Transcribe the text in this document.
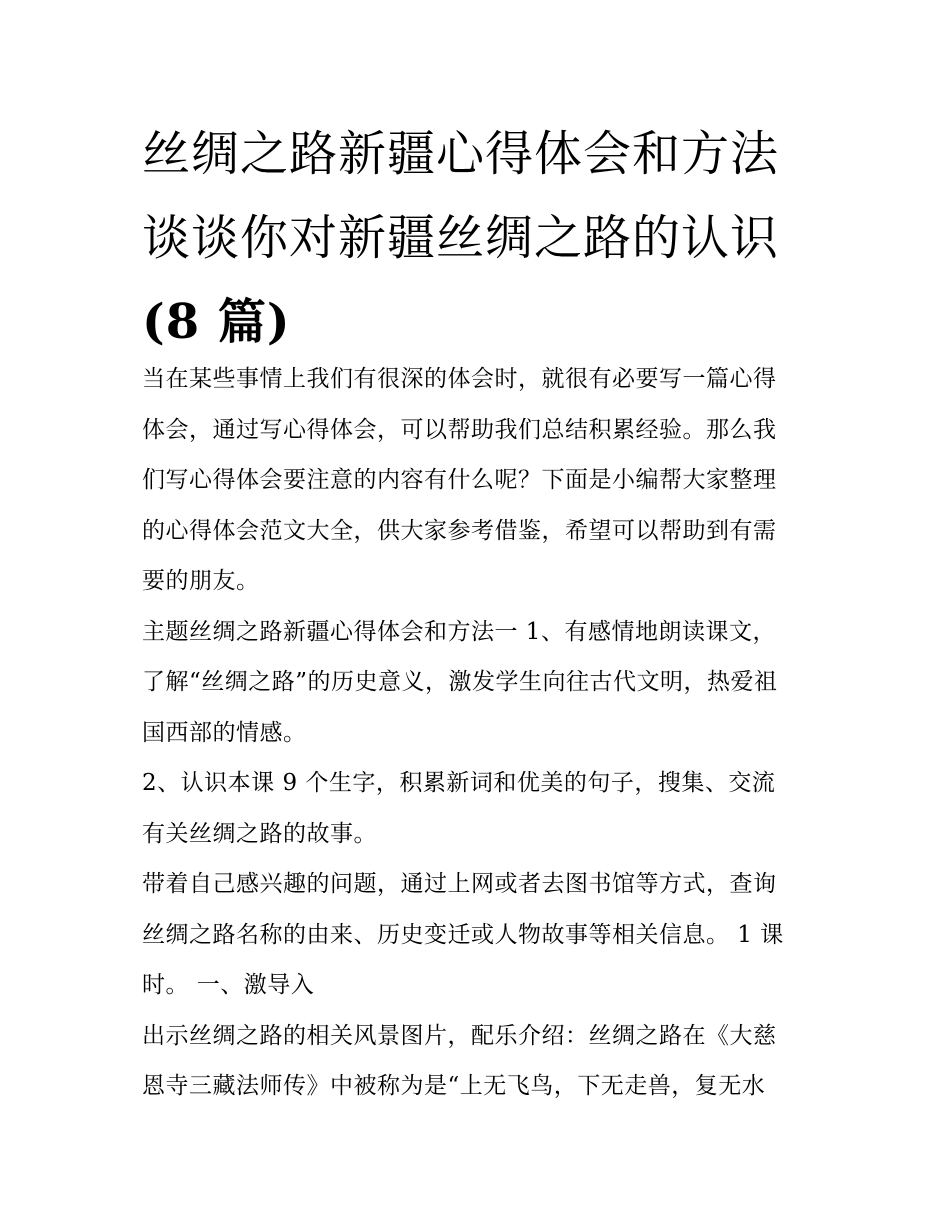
丝绸之路新疆心得体会和方法
谈谈你对新疆丝绸之路的认识
(8 篇)

当在某些事情上我们有很深的体会时，就很有必要写一篇心得
体会，通过写心得体会，可以帮助我们总结积累经验。那么我
们写心得体会要注意的内容有什么呢？下面是小编帮大家整理
的心得体会范文大全，供大家参考借鉴，希望可以帮助到有需
要的朋友。

主题丝绸之路新疆心得体会和方法一 1、有感情地朗读课文，
了解“丝绸之路”的历史意义，激发学生向往古代文明，热爱祖
国西部的情感。

2、认识本课 9 个生字，积累新词和优美的句子，搜集、交流
有关丝绸之路的故事。

带着自己感兴趣的问题，通过上网或者去图书馆等方式，查询
丝绸之路名称的由来、历史变迁或人物故事等相关信息。 1 课
时。 一、激导入

出示丝绸之路的相关风景图片，配乐介绍：丝绸之路在《大慈
恩寺三藏法师传》中被称为是“上无飞鸟，下无走兽，复无水
